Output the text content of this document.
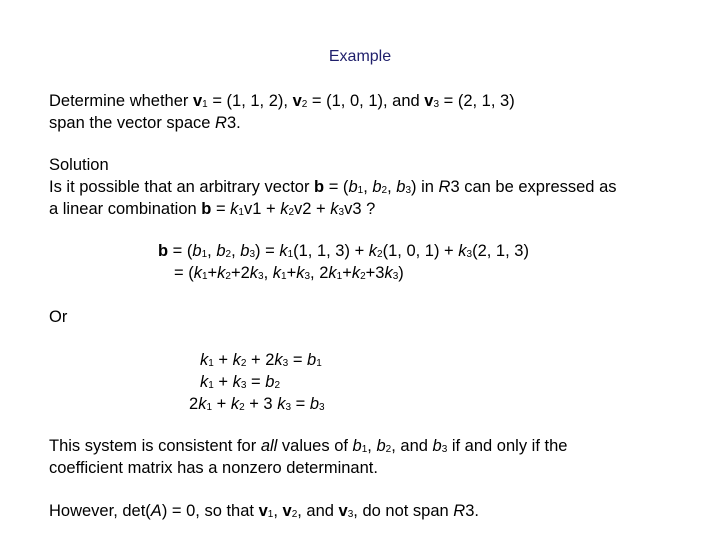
Example
Determine whether $v_1 = (1$, 1, 2), $v_2 = (1$, 0, 1), and $v_3 = (2$, 1, 3)
span the vector space R3.
Solution
Is it possible that an arbitrary vector $b = (b_1$, $b_2$, $b_3$) in R3 can be expressed as
a linear combination $b = k_1v1 + k_2v2 + k_3v3$ ?
$b = (b_1$, $b_2$, $b_3) = k_1(1$, 1, $3) + k_2(1$, 0, $1) + k_3(2$, 1, 3)
= ($k_1+k_2+2k_3$, $k_1+k_3$, $2k_1+k_2+3k_3$)
Or
$k_1 + k_2 + 2k_3 = b_1$
$k_1 + k_3 = b_2$
$2k_1 + k_2 + 3$ $k_3 = b_3$
This system is consistent for all values of $b_1$, $b_2$, and $b_3$ if and only if the
coefficient matrix has a nonzero determinant.
However, det(A) = 0, so that $v_1$, $v_2$, and $v_3$, do not span R3.
